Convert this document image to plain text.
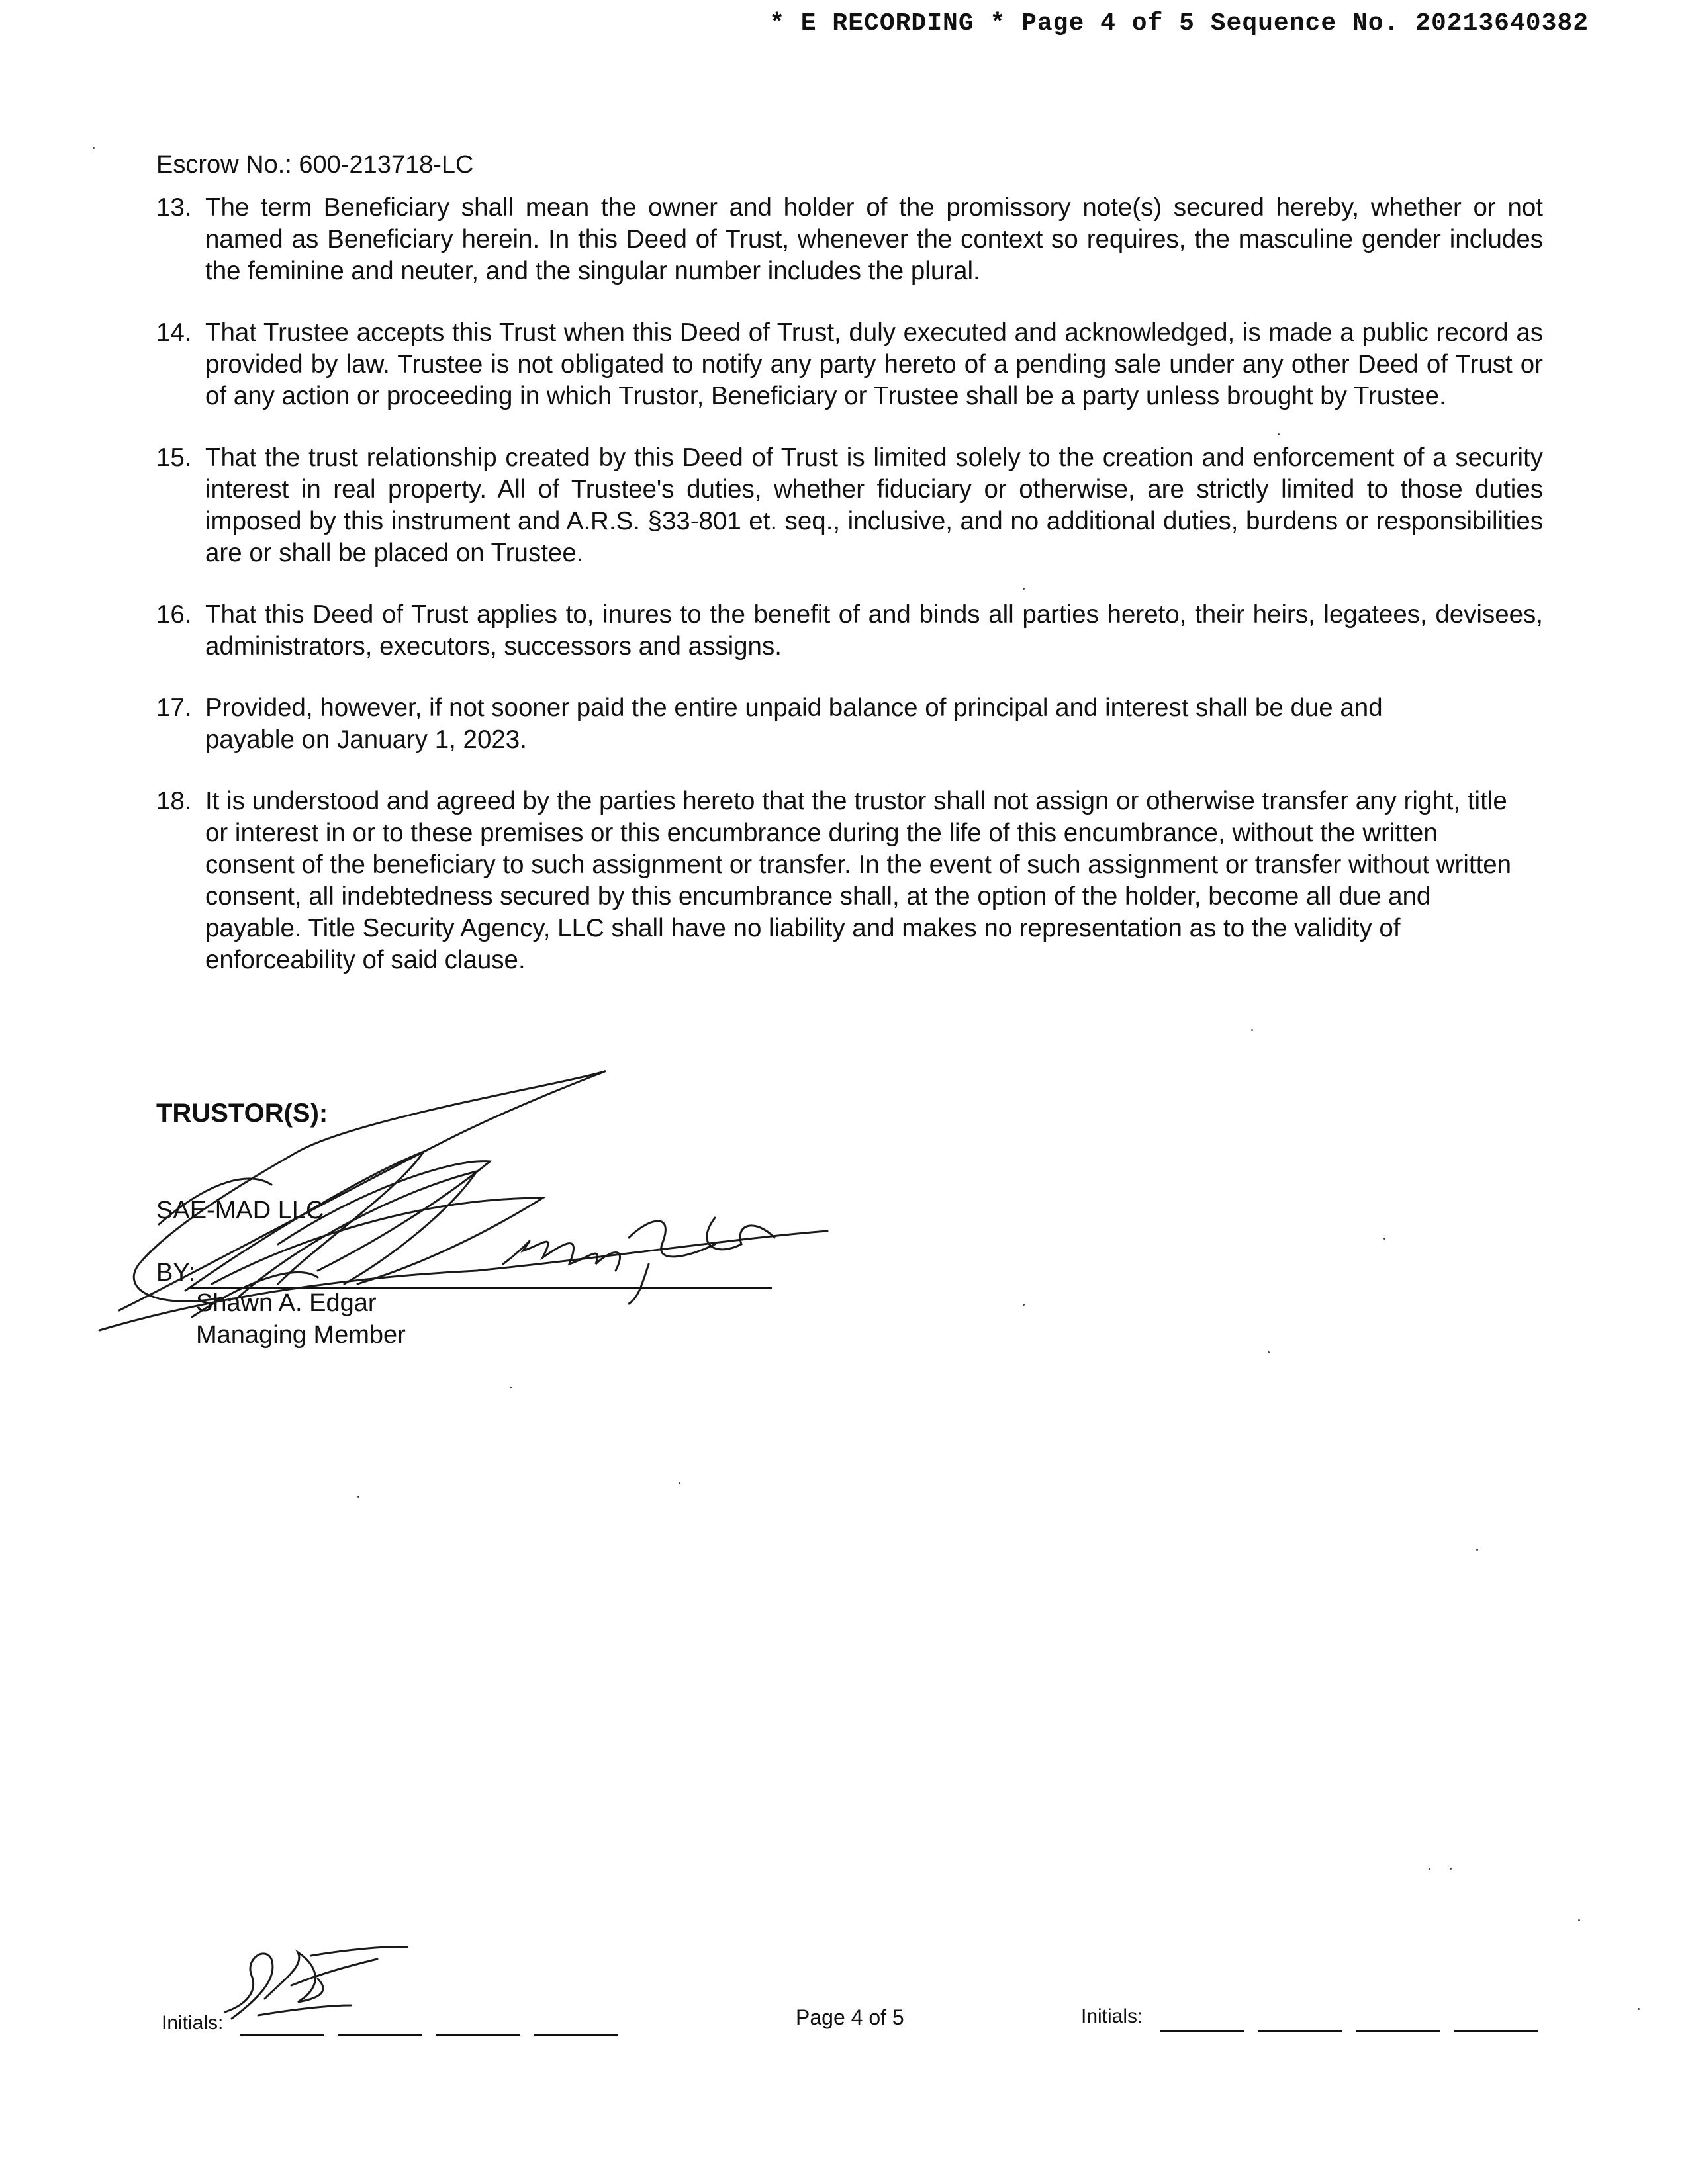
* E RECORDING * Page 4 of 5 Sequence No. 20213640382
Escrow No.: 600-213718-LC
13. The term Beneficiary shall mean the owner and holder of the promissory note(s) secured hereby, whether or not named as Beneficiary herein. In this Deed of Trust, whenever the context so requires, the masculine gender includes the feminine and neuter, and the singular number includes the plural.
14. That Trustee accepts this Trust when this Deed of Trust, duly executed and acknowledged, is made a public record as provided by law. Trustee is not obligated to notify any party hereto of a pending sale under any other Deed of Trust or of any action or proceeding in which Trustor, Beneficiary or Trustee shall be a party unless brought by Trustee.
15. That the trust relationship created by this Deed of Trust is limited solely to the creation and enforcement of a security interest in real property. All of Trustee's duties, whether fiduciary or otherwise, are strictly limited to those duties imposed by this instrument and A.R.S. §33-801 et. seq., inclusive, and no additional duties, burdens or responsibilities are or shall be placed on Trustee.
16. That this Deed of Trust applies to, inures to the benefit of and binds all parties hereto, their heirs, legatees, devisees, administrators, executors, successors and assigns.
17. Provided, however, if not sooner paid the entire unpaid balance of principal and interest shall be due and payable on January 1, 2023.
18. It is understood and agreed by the parties hereto that the trustor shall not assign or otherwise transfer any right, title or interest in or to these premises or this encumbrance during the life of this encumbrance, without the written consent of the beneficiary to such assignment or transfer. In the event of such assignment or transfer without written consent, all indebtedness secured by this encumbrance shall, at the option of the holder, become all due and payable. Title Security Agency, LLC shall have no liability and makes no representation as to the validity of enforceability of said clause.
TRUSTOR(S):
SAE-MAD LLC
BY:
Shawn A. Edgar
Managing Member
Initials:	Page 4 of 5	Initials:
